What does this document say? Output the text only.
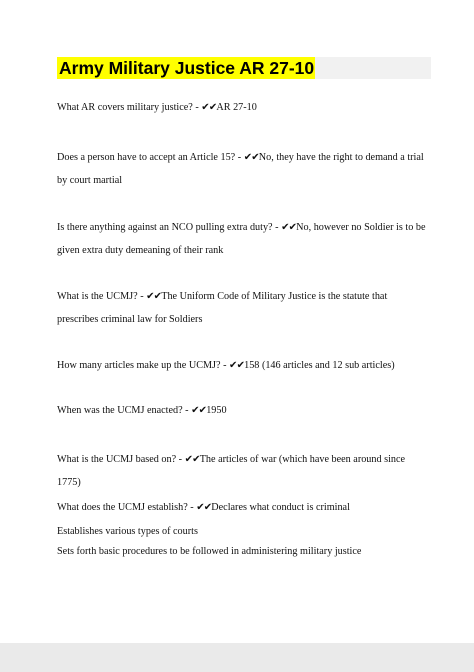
Army Military Justice AR 27-10

What AR covers military justice? - ✔✔AR 27-10

Does a person have to accept an Article 15? - ✔✔No, they have the right to demand a trial by court martial

Is there anything against an NCO pulling extra duty? - ✔✔No, however no Soldier is to be given extra duty demeaning of their rank

What is the UCMJ? - ✔✔The Uniform Code of Military Justice is the statute that prescribes criminal law for Soldiers

How many articles make up the UCMJ? - ✔✔158 (146 articles and 12 sub articles)

When was the UCMJ enacted? - ✔✔1950

What is the UCMJ based on? - ✔✔The articles of war (which have been around since 1775)

What does the UCMJ establish? - ✔✔Declares what conduct is criminal

Establishes various types of courts
Sets forth basic procedures to be followed in administering military justice
